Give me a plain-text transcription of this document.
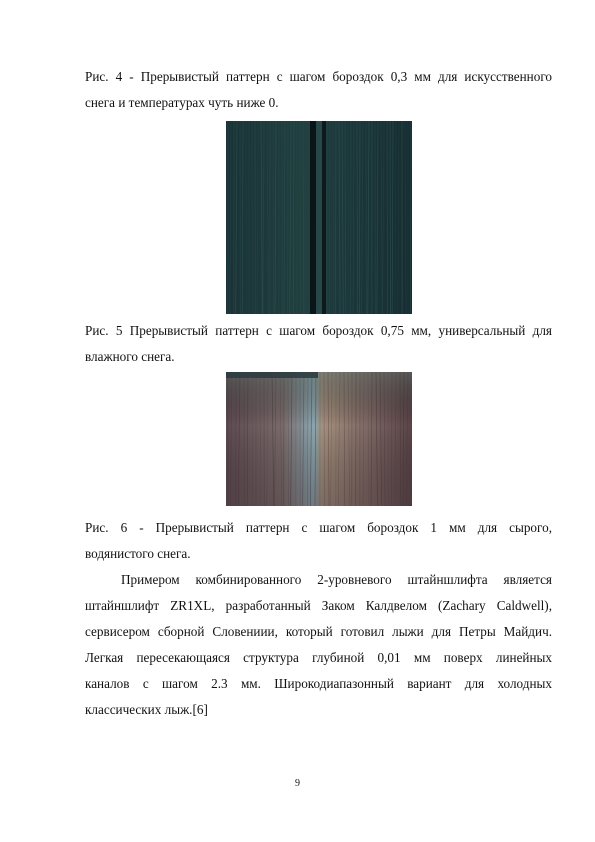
Рис. 4 - Прерывистый паттерн с шагом бороздок 0,3 мм для искусственного
снега и температурах чуть ниже 0.
Рис. 5 Прерывистый паттерн с шагом бороздок 0,75 мм, универсальный для
влажного снега.
Рис. 6 - Прерывистый паттерн с шагом бороздок 1 мм для сырого,
водянистого снега.
Примером комбинированного 2-уровневого штайншлифта является
штайншлифт ZR1XL, разработанный Заком Калдвелом (Zachary Caldwell),
сервисером сборной Словениии, который готовил лыжи для Петры Майдич.
Легкая пересекающаяся структура глубиной 0,01 мм поверх линейных
каналов с шагом 2.3 мм. Широкодиапазонный вариант для холодных
классических лыж.[6]
9
